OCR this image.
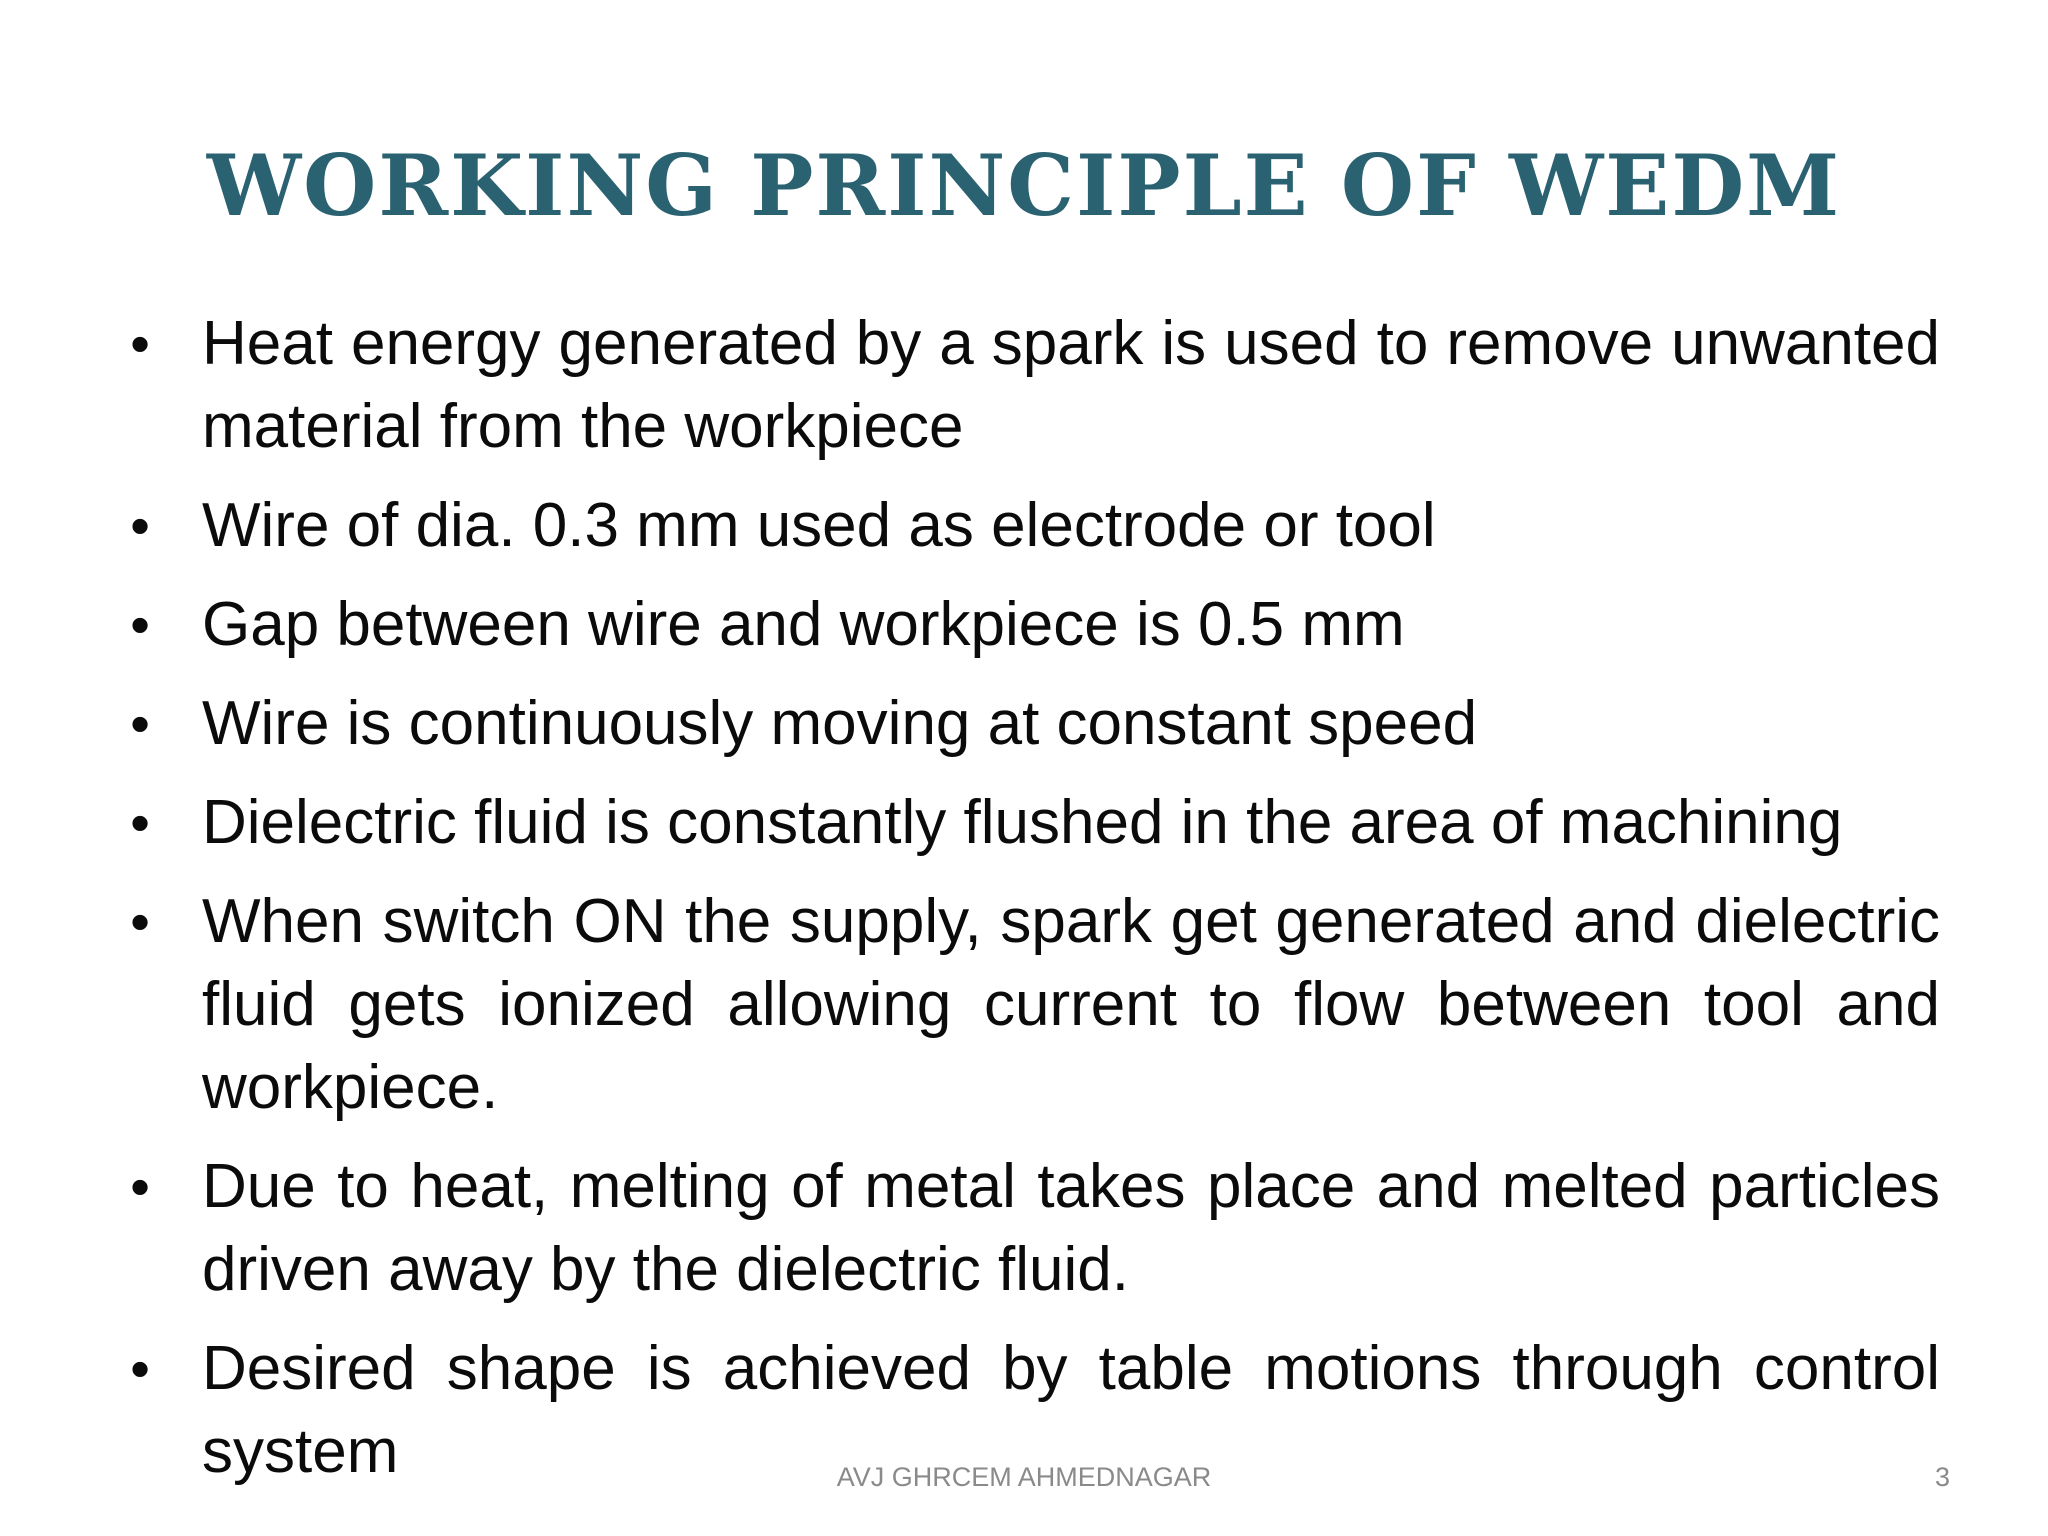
WORKING PRINCIPLE OF WEDM
• Heat energy generated by a spark is used to remove unwanted material from the workpiece
• Wire of dia. 0.3 mm used as electrode or tool
• Gap between wire and workpiece is 0.5 mm
• Wire is continuously moving at constant speed
• Dielectric fluid is constantly flushed in the area of machining
• When switch ON the supply, spark get generated and dielectric fluid gets ionized allowing current to flow between tool and workpiece.
• Due to heat, melting of metal takes place and melted particles driven away by the dielectric fluid.
• Desired shape is achieved by table motions through control system	AVJ GHRCEM AHMEDNAGAR	3
